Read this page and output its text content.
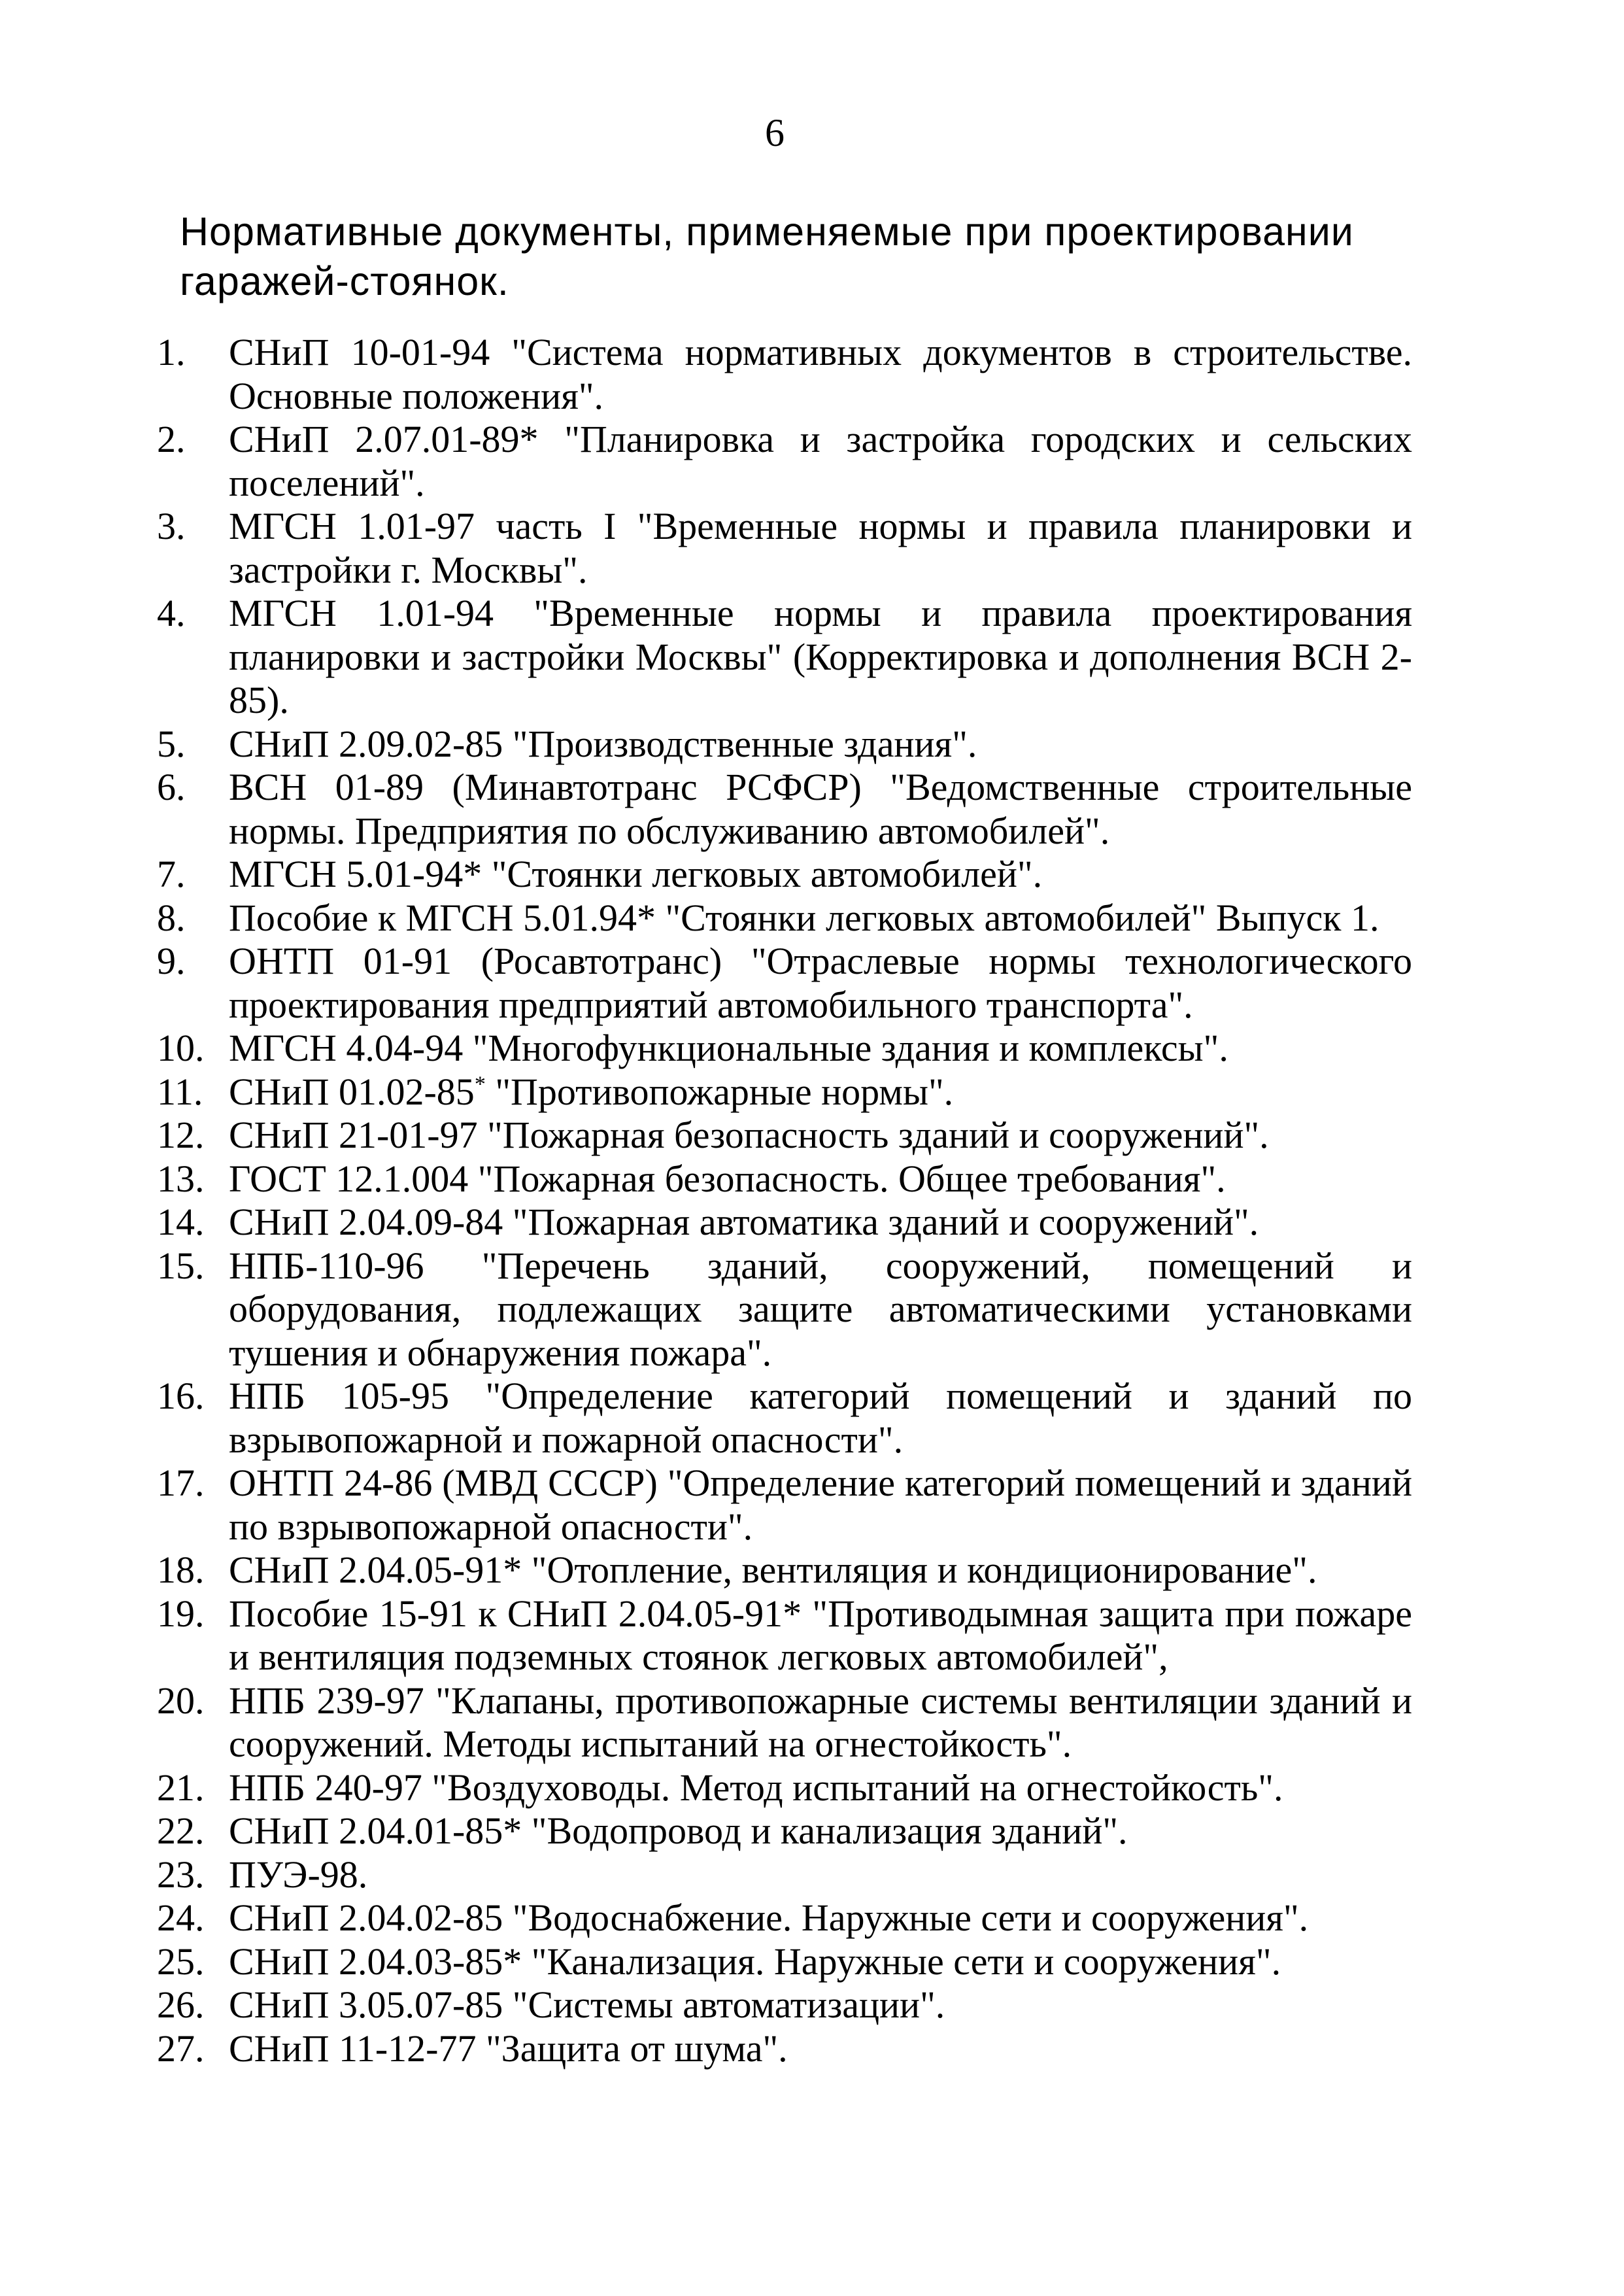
6
Нормативные документы, применяемые при проектировании гаражей-стоянок.
1 .	СНиП 10-01-94 "Система нормативных документов в строительстве. Основные положения".
2 .	СНиП 2.07.01-89* "Планировка и застройка городских и сельских поселений".
3 .	МГСН 1.01-97 часть I "Временные нормы и правила планировки и застройки г. Москвы".
4 .	МГСН 1.01-94 "Временные нормы и правила проектирования планировки и застройки Москвы" (Корректировка и дополнения ВСН 2-85).
5 .	СНиП 2.09.02-85 "Производственные здания".
6 .	ВСН 01-89 (Минавтотранс РСФСР) "Ведомственные строительные нормы. Предприятия по обслуживанию автомобилей".
7 .	МГСН 5.01-94* "Стоянки легковых автомобилей".
8 .	Пособие к МГСН 5.01.94* "Стоянки легковых автомобилей" Выпуск 1.
9 .	ОНТП 01-91 (Росавтотранс) "Отраслевые нормы технологического проектирования предприятий автомобильного транспорта".
10 . МГСН 4.04-94 "Многофункциональные здания и комплексы".
11 . СНиП 01.02-85* "Противопожарные нормы".
12 . СНиП 21-01-97 "Пожарная безопасность зданий и сооружений".
13 . ГОСТ 12.1.004 "Пожарная безопасность. Общее требования".
14 . СНиП 2.04.09-84 "Пожарная автоматика зданий и сооружений".
15 . НПБ-110-96 "Перечень зданий, сооружений, помещений и оборудования, подлежащих защите автоматическими установками тушения и обнаружения пожара".
16 . НПБ 105-95 "Определение категорий помещений и зданий по взрывопожарной и пожарной опасности".
17 . ОНТП 24-86 (МВД СССР) "Определение категорий помещений и зданий по взрывопожарной опасности".
18 . СНиП 2.04.05-91* "Отопление, вентиляция и кондиционирование".
19 . Пособие 15-91 к СНиП 2.04.05-91* "Противодымная защита при пожаре и вентиляция подземных стоянок легковых автомобилей",
20 . НПБ 239-97 "Клапаны, противопожарные системы вентиляции зданий и сооружений. Методы испытаний на огнестойкость".
21 . НПБ 240-97 "Воздуховоды. Метод испытаний на огнестойкость".
22 . СНиП 2.04.01-85* "Водопровод и канализация зданий".
23 . ПУЭ-98.
24 . СНиП 2.04.02-85 "Водоснабжение. Наружные сети и сооружения".
25 . СНиП 2.04.03-85* "Канализация. Наружные сети и сооружения".
26 . СНиП 3.05.07-85 "Системы автоматизации".
27 . СНиП 11-12-77 "Защита от шума".
